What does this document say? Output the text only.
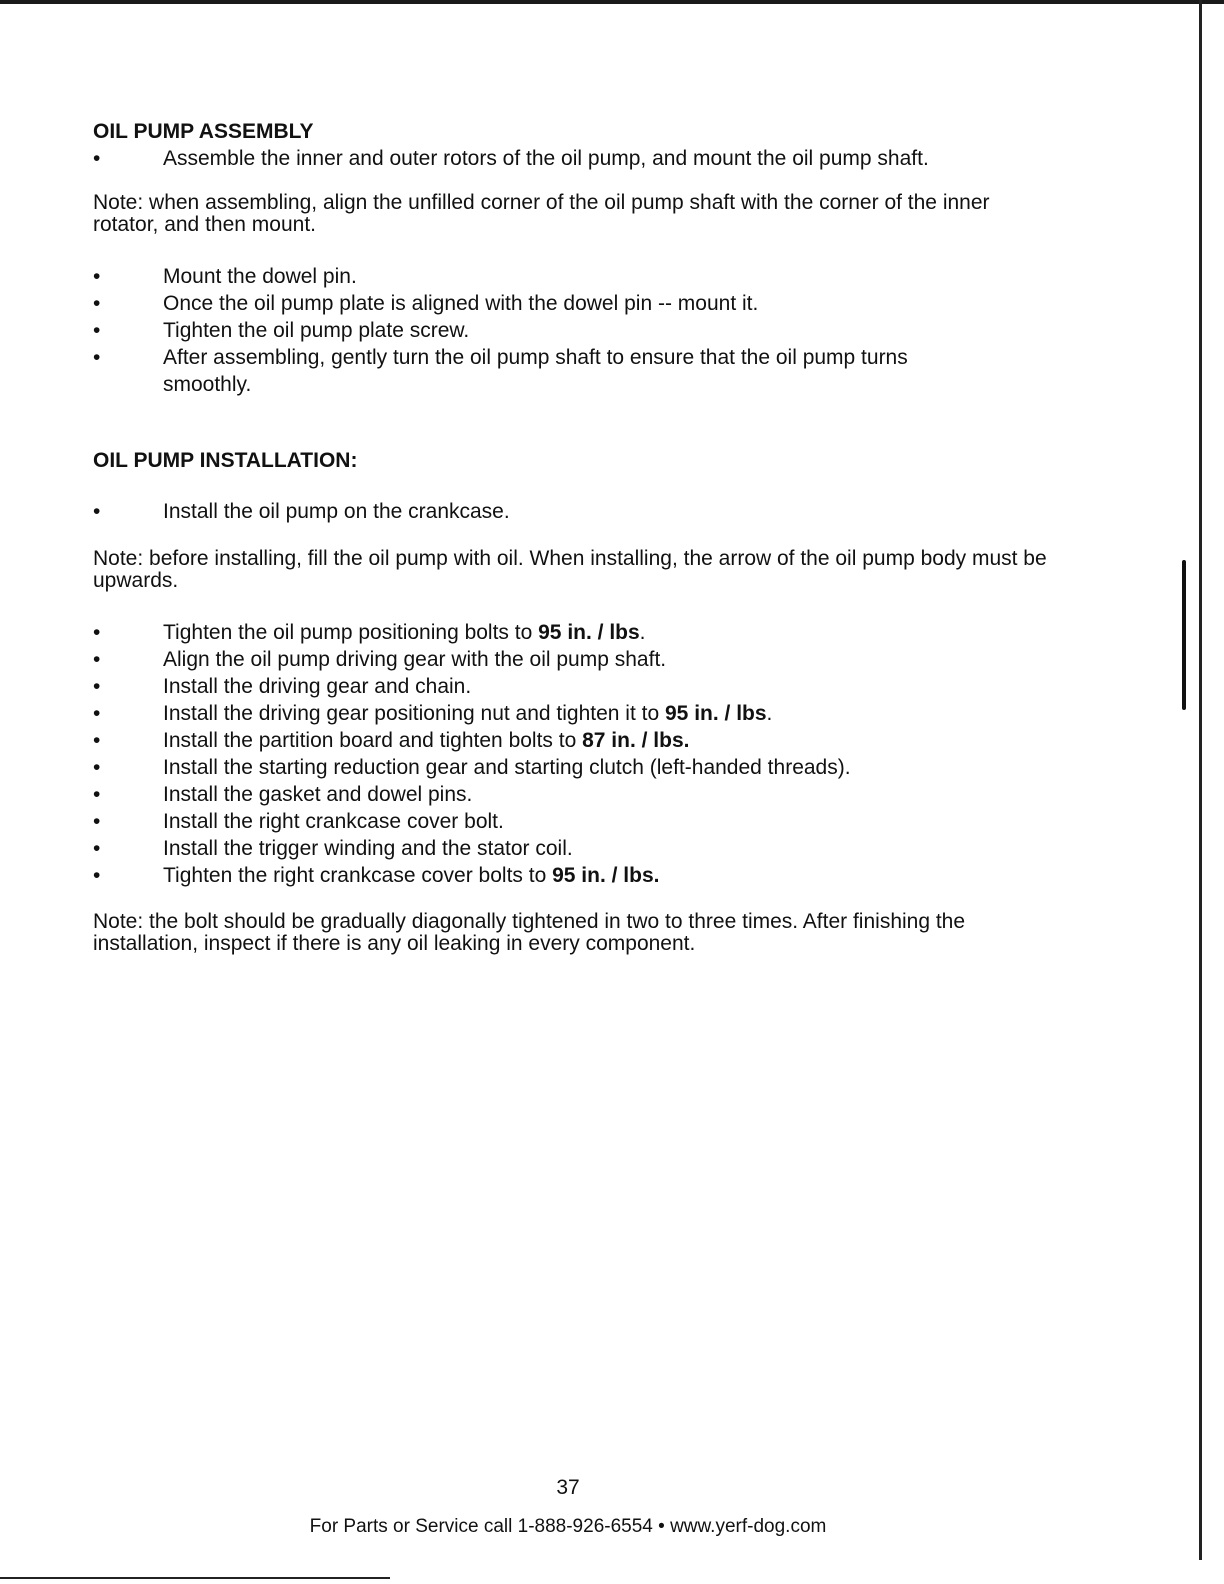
OIL PUMP ASSEMBLY
•	Assemble the inner and outer rotors of the oil pump, and mount the oil pump shaft.

Note: when assembling, align the unfilled corner of the oil pump shaft with the corner of the inner rotator, and then mount.

•	Mount the dowel pin.
•	Once the oil pump plate is aligned with the dowel pin -- mount it.
•	Tighten the oil pump plate screw.
•	After assembling, gently turn the oil pump shaft to ensure that the oil pump turns smoothly.
OIL PUMP INSTALLATION:
•	Install the oil pump on the crankcase.

Note: before installing, fill the oil pump with oil. When installing, the arrow of the oil pump body must be upwards.

•	Tighten the oil pump positioning bolts to 95 in. / lbs.
•	Align the oil pump driving gear with the oil pump shaft.
•	Install the driving gear and chain.
•	Install the driving gear positioning nut and tighten it to 95 in. / lbs.
•	Install the partition board and tighten bolts to 87 in. / lbs.
•	Install the starting reduction gear and starting clutch (left-handed threads).
•	Install the gasket and dowel pins.
•	Install the right crankcase cover bolt.
•	Install the trigger winding and the stator coil.
•	Tighten the right crankcase cover bolts to 95 in. / lbs.

Note: the bolt should be gradually diagonally tightened in two to three times. After finishing the installation, inspect if there is any oil leaking in every component.

37
For Parts or Service call 1-888-926-6554 • www.yerf-dog.com
